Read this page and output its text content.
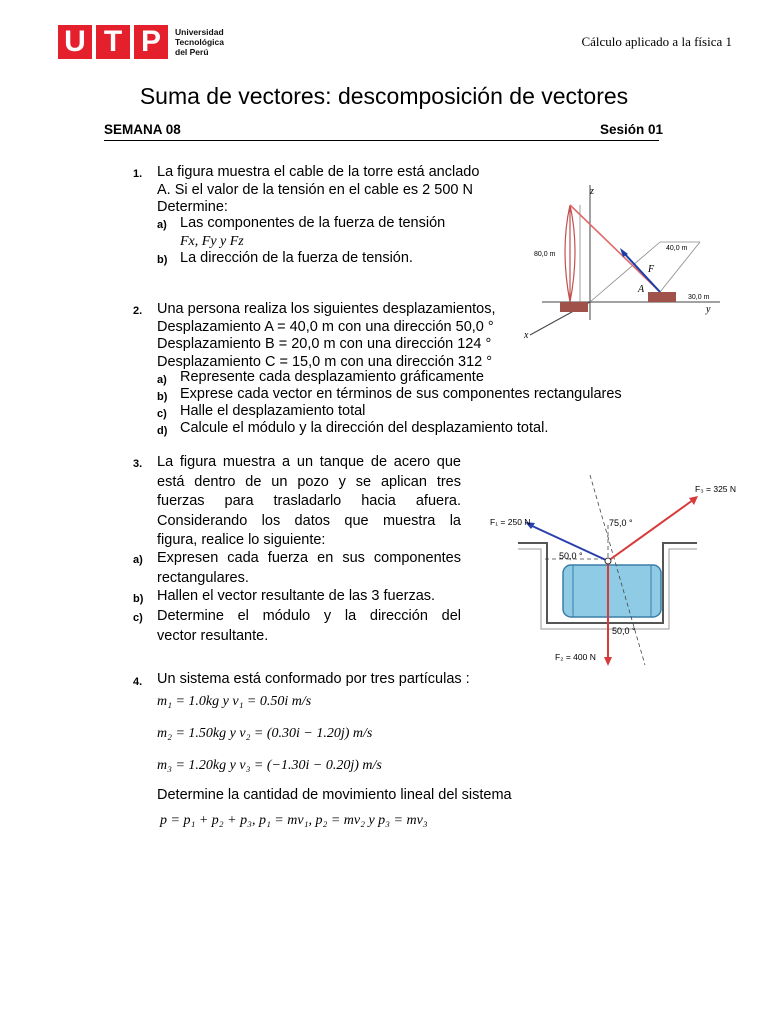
U T P	Universidad
Tecnológica
del Perú
Cálculo aplicado a la física 1
Suma de vectores: descomposición de vectores
SEMANA 08	Sesión 01
1. La figura muestra el cable de la torre está anclado
A. Si el valor de la tensión en el cable es 2 500 N
Determine:
a) Las componentes de la fuerza de tensión
Fx, Fy y Fz
b) La dirección de la fuerza de tensión.
z
x
y
A
F
80,0 m
40,0 m
30,0 m
2. Una persona realiza los siguientes desplazamientos,
Desplazamiento A = 40,0 m con una dirección 50,0 °
Desplazamiento B = 20,0 m con una dirección 124 °
Desplazamiento C = 15,0 m con una dirección 312 °
a) Represente cada desplazamiento gráficamente
b) Exprese cada vector en términos de sus componentes rectangulares
c) Halle el desplazamiento total
d) Calcule el módulo y la dirección del desplazamiento total.
3. La figura muestra a un tanque de acero que
está dentro de un pozo y se aplican tres
fuerzas para trasladarlo hacia afuera.
Considerando los datos que muestra la
figura, realice lo siguiente:
a) Expresen cada fuerza en sus componentes
rectangulares.
b) Hallen el vector resultante de las 3 fuerzas.
c) Determine el módulo y la dirección del
vector resultante.
F₁ = 250 N
F₂ = 400 N
F₃ = 325 N
75,0 °
50,0 °
50,0 °
4. Un sistema está conformado por tres partículas :
m₁ = 1.0kg y v₁ = 0.50i m/s
m₂ = 1.50kg y v₂ = (0.30i − 1.20j) m/s
m₃ = 1.20kg y v₃ = (−1.30i − 0.20j) m/s
Determine la cantidad de movimiento lineal del sistema
p = p₁ + p₂ + p₃, p₁ = mv₁, p₂ = mv₂ y p₃ = mv₃
